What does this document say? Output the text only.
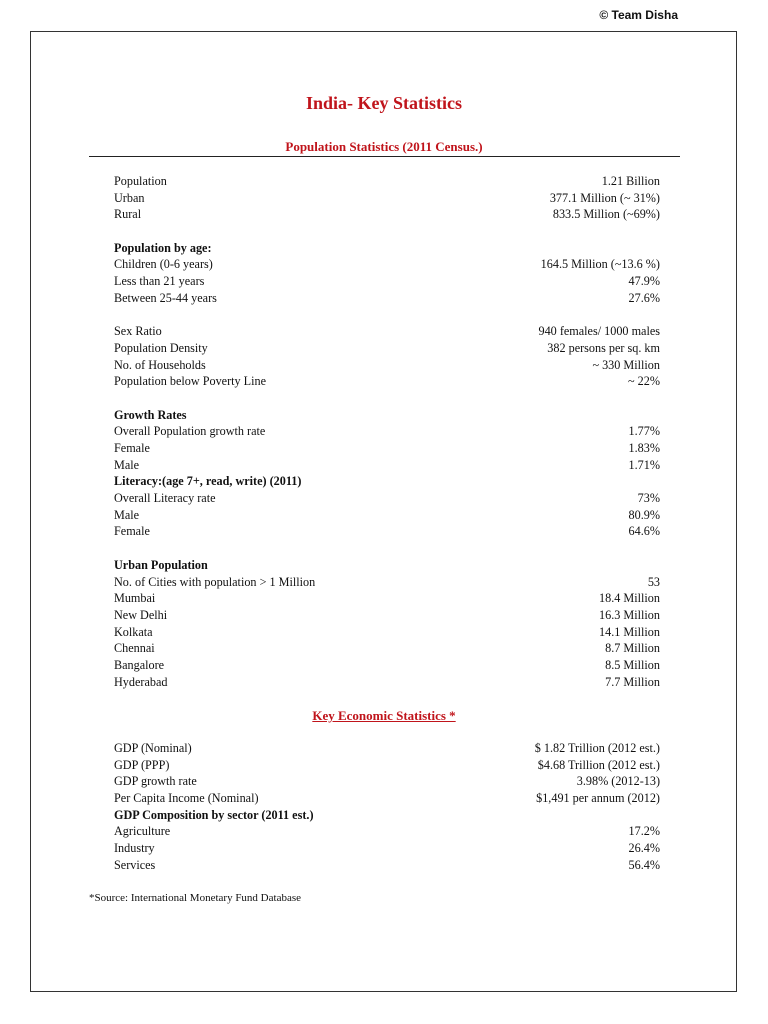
© Team Disha
India- Key Statistics
Population Statistics (2011 Census.)
Population	1.21 Billion
Urban	377.1 Million (~ 31%)
Rural	833.5 Million (~69%)
Population by age:
Children (0-6 years)	164.5 Million (~13.6 %)
Less than 21 years	47.9%
Between 25-44 years	27.6%
Sex Ratio	940 females/ 1000 males
Population Density	382 persons per sq. km
No. of Households	~ 330 Million
Population below Poverty Line	~ 22%
Growth Rates
Overall Population growth rate	1.77%
Female	1.83%
Male	1.71%
Literacy:(age 7+, read, write) (2011)
Overall Literacy rate	73%
Male	80.9%
Female	64.6%
Urban Population
No. of Cities with population > 1 Million	53
Mumbai	18.4 Million
New Delhi	16.3 Million
Kolkata	14.1 Million
Chennai	8.7 Million
Bangalore	8.5 Million
Hyderabad	7.7 Million
Key Economic Statistics *
GDP (Nominal)	$ 1.82 Trillion (2012 est.)
GDP (PPP)	$4.68 Trillion (2012 est.)
GDP growth rate	3.98% (2012-13)
Per Capita Income (Nominal)	$1,491 per annum (2012)
GDP Composition by sector (2011 est.)
Agriculture	17.2%
Industry	26.4%
Services	56.4%
*Source: International Monetary Fund Database
